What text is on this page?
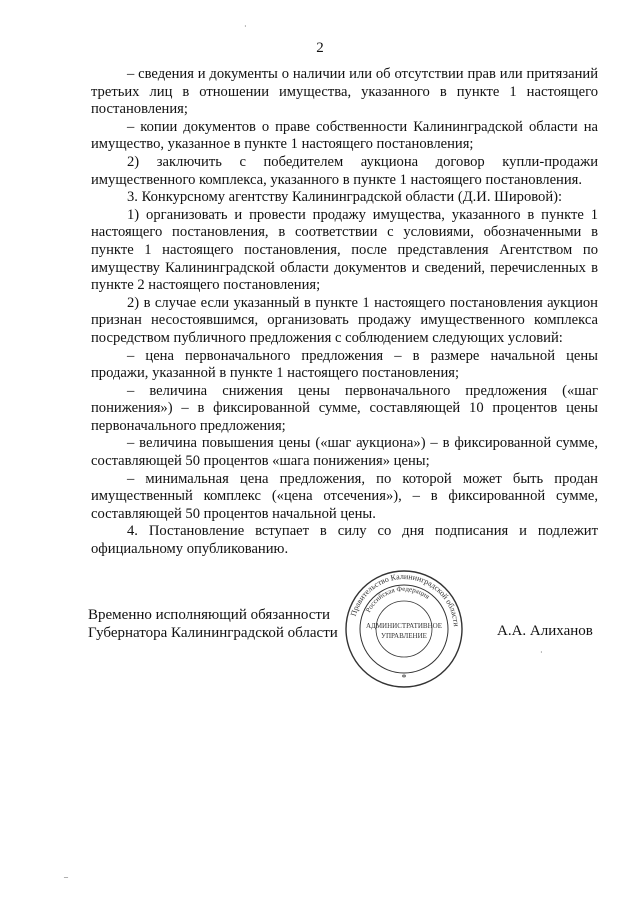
2

– сведения и документы о наличии или об отсутствии прав или притязаний третьих лиц в отношении имущества, указанного в пункте 1 настоящего постановления;

– копии документов о праве собственности Калининградской области на имущество, указанное в пункте 1 настоящего постановления;

2) заключить с победителем аукциона договор купли-продажи имущественного комплекса, указанного в пункте 1 настоящего постановления.

3. Конкурсному агентству Калининградской области (Д.И. Шировой):

1) организовать и провести продажу имущества, указанного в пункте 1 настоящего постановления, в соответствии с условиями, обозначенными в пункте 1 настоящего постановления, после представления Агентством по имуществу Калининградской области документов и сведений, перечисленных в пункте 2 настоящего постановления;

2) в случае если указанный в пункте 1 настоящего постановления аукцион признан несостоявшимся, организовать продажу имущественного комплекса посредством публичного предложения с соблюдением следующих условий:

– цена первоначального предложения – в размере начальной цены продажи, указанной в пункте 1 настоящего постановления;

– величина снижения цены первоначального предложения («шаг понижения») – в фиксированной сумме, составляющей 10 процентов цены первоначального предложения;

– величина повышения цены («шаг аукциона») – в фиксированной сумме, составляющей 50 процентов «шага понижения» цены;

– минимальная цена предложения, по которой может быть продан имущественный комплекс («цена отсечения»), – в фиксированной сумме, составляющей 50 процентов начальной цены.

4. Постановление вступает в силу со дня подписания и подлежит официальному опубликованию.

Временно исполняющий обязанности
Губернатора Калининградской области
Правительство Калининградской области
Российская Федерация
АДМИНИСТРАТИВНОЕ
УПРАВЛЕНИЕ
*
А.А. Алиханов
·
·
–
